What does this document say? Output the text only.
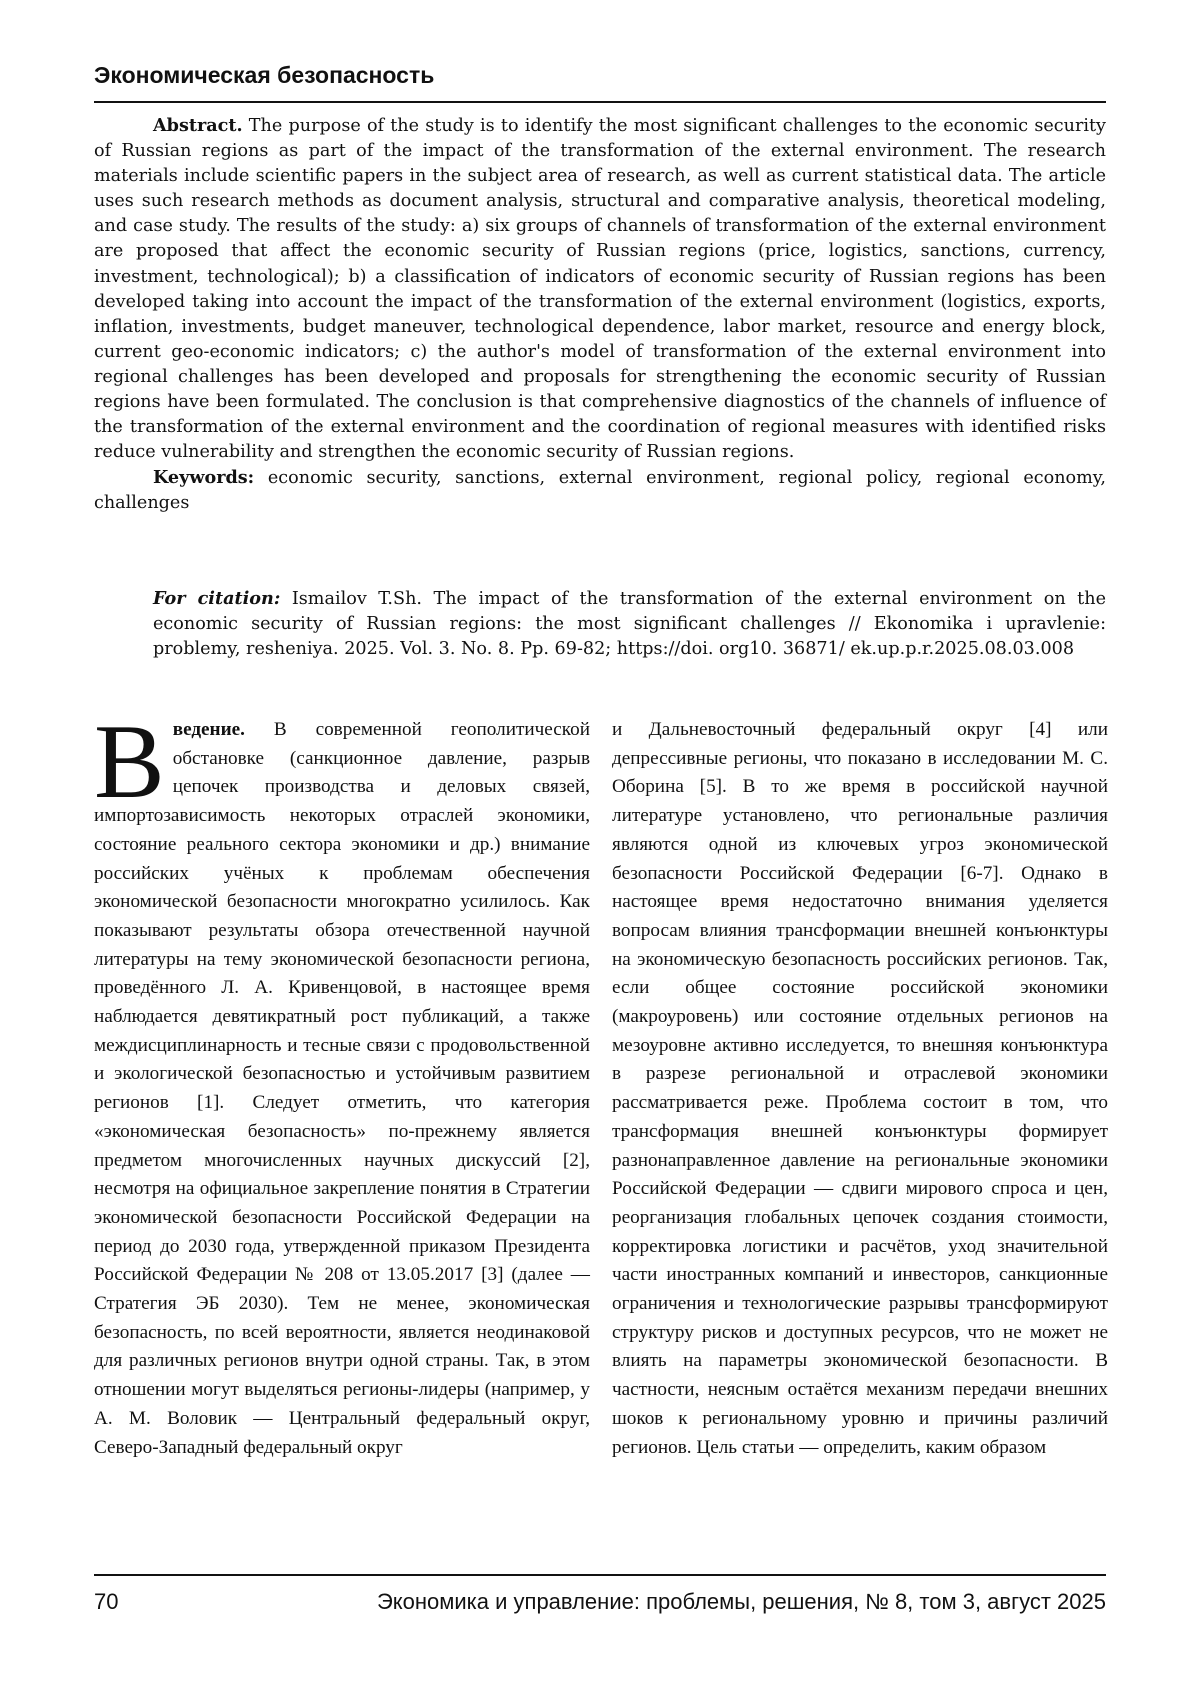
Экономическая безопасность

Abstract. The purpose of the study is to identify the most significant challenges to the economic security of Russian regions as part of the impact of the transformation of the external environment. The research materials include scientific papers in the subject area of research, as well as current statistical data. The article uses such research methods as document analysis, structural and comparative analysis, theoretical modeling, and case study. The results of the study: a) six groups of channels of transformation of the external environment are proposed that affect the economic security of Russian regions (price, logistics, sanctions, currency, investment, technological); b) a classification of indicators of economic security of Russian regions has been developed taking into account the impact of the transformation of the external environment (logistics, exports, inflation, investments, budget maneuver, technological dependence, labor market, resource and energy block, current geo-economic indicators; c) the author's model of transformation of the external environment into regional challenges has been developed and proposals for strengthening the economic security of Russian regions have been formulated. The conclusion is that comprehensive diagnostics of the channels of influence of the transformation of the external environment and the coordination of regional measures with identified risks reduce vulnerability and strengthen the economic security of Russian regions.

Keywords: economic security, sanctions, external environment, regional policy, regional economy, challenges

For citation: Ismailov T.Sh. The impact of the transformation of the external environment on the economic security of Russian regions: the most significant challenges // Ekonomika i upravlenie: problemy, resheniya. 2025. Vol. 3. No. 8. Pp. 69-82; https://doi. org10. 36871/ ek.up.p.r.2025.08.03.008

Введение. В современной геополитической обстановке (санкционное давление, разрыв цепочек производства и деловых связей, импортозависимость некоторых отраслей экономики, состояние реального сектора экономики и др.) внимание российских учёных к проблемам обеспечения экономической безопасности многократно усилилось. Как показывают результаты обзора отечественной научной литературы на тему экономической безопасности региона, проведённого Л. А. Кривенцовой, в настоящее время наблюдается девятикратный рост публикаций, а также междисциплинарность и тесные связи с продовольственной и экологической безопасностью и устойчивым развитием регионов [1]. Следует отметить, что категория «экономическая безопасность» по-прежнему является предметом многочисленных научных дискуссий [2], несмотря на официальное закрепление понятия в Стратегии экономической безопасности Российской Федерации на период до 2030 года, утвержденной приказом Президента Российской Федерации № 208 от 13.05.2017 [3] (далее — Стратегия ЭБ 2030). Тем не менее, экономическая безопасность, по всей вероятности, является неодинаковой для различных регионов внутри одной страны. Так, в этом отношении могут выделяться регионы-лидеры (например, у А. М. Воловик — Центральный федеральный округ, Северо-Западный федеральный округ

и Дальневосточный федеральный округ [4] или депрессивные регионы, что показано в исследовании М. С. Оборина [5]. В то же время в российской научной литературе установлено, что региональные различия являются одной из ключевых угроз экономической безопасности Российской Федерации [6-7]. Однако в настоящее время недостаточно внимания уделяется вопросам влияния трансформации внешней конъюнктуры на экономическую безопасность российских регионов. Так, если общее состояние российской экономики (макроуровень) или состояние отдельных регионов на мезоуровне активно исследуется, то внешняя конъюнктура в разрезе региональной и отраслевой экономики рассматривается реже. Проблема состоит в том, что трансформация внешней конъюнктуры формирует разнонаправленное давление на региональные экономики Российской Федерации — сдвиги мирового спроса и цен, реорганизация глобальных цепочек создания стоимости, корректировка логистики и расчётов, уход значительной части иностранных компаний и инвесторов, санкционные ограничения и технологические разрывы трансформируют структуру рисков и доступных ресурсов, что не может не влиять на параметры экономической безопасности. В частности, неясным остаётся механизм передачи внешних шоков к региональному уровню и причины различий регионов. Цель статьи — определить, каким образом

70	Экономика и управление: проблемы, решения, № 8, том 3, август 2025
